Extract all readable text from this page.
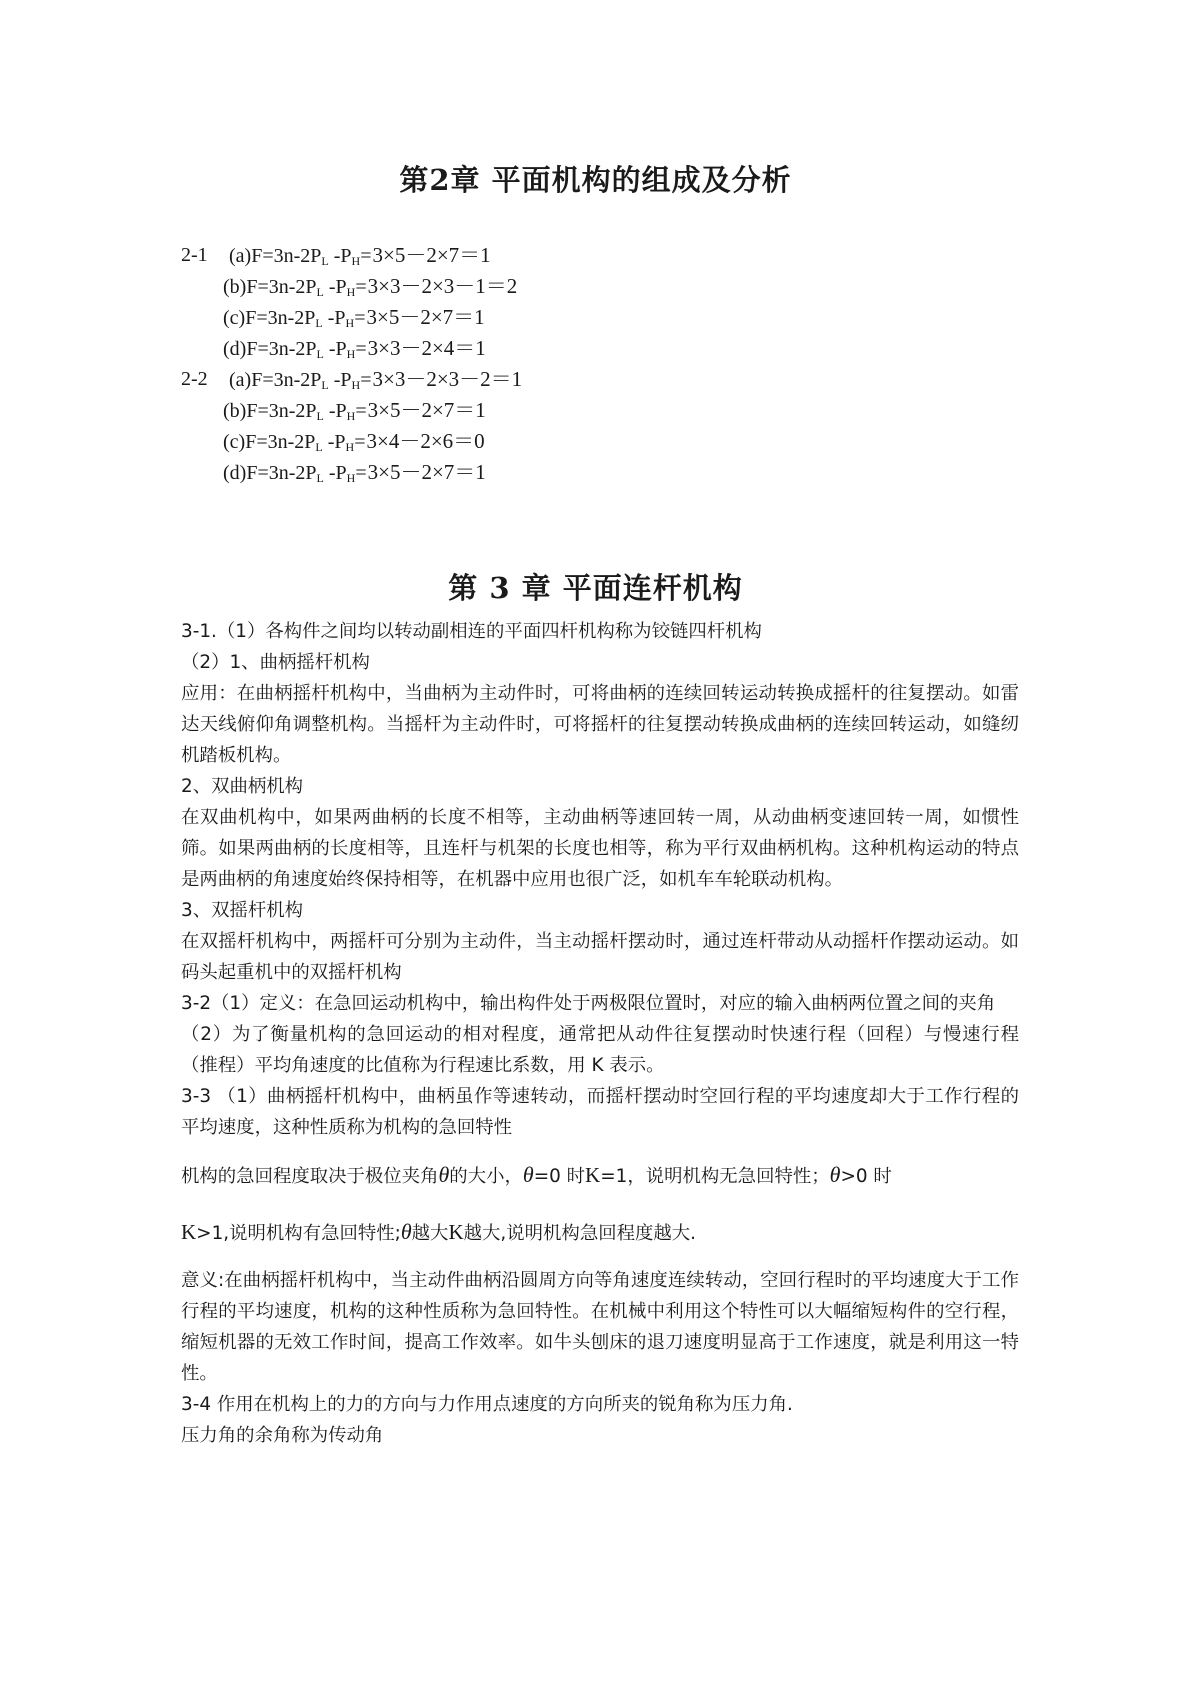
第2章 平面机构的组成及分析
2-1 $(a)F=3n-2P_L$ $-P_H=3\times 5-2\times 7=1$
$(b)F=3n-2P_L$ $-P_H=3\times 3-2\times 3-1=2$
$(c)F=3n-2P_L$ $-P_H=3\times 5-2\times 7=1$
$(d)F=3n-2P_L$ $-P_H=3\times 3-2\times 4=1$
2-2 $(a)F=3n-2P_L$ $-P_H=3\times 3-2\times 3-2=1$
$(b)F=3n-2P_L$ $-P_H=3\times 5-2\times 7=1$
$(c)F=3n-2P_L$ $-P_H=3\times 4-2\times 6=0$
$(d)F=3n-2P_L$ $-P_H=3\times 5-2\times 7=1$
第 3 章 平面连杆机构

3-1.（1）各构件之间均以转动副相连的平面四杆机构称为铰链四杆机构

（2）1、曲柄摇杆机构

应用：在曲柄摇杆机构中，当曲柄为主动件时，可将曲柄的连续回转运动转换成摇杆的往复摆动。如雷达天线俯仰角调整机构。当摇杆为主动件时，可将摇杆的往复摆动转换成曲柄的连续回转运动，如缝纫机踏板机构。

2、双曲柄机构

在双曲机构中，如果两曲柄的长度不相等，主动曲柄等速回转一周，从动曲柄变速回转一周，如惯性筛。如果两曲柄的长度相等，且连杆与机架的长度也相等，称为平行双曲柄机构。这种机构运动的特点是两曲柄的角速度始终保持相等，在机器中应用也很广泛，如机车车轮联动机构。

3、双摇杆机构

在双摇杆机构中，两摇杆可分别为主动件，当主动摇杆摆动时，通过连杆带动从动摇杆作摆动运动。如码头起重机中的双摇杆机构

3-2（1）定义：在急回运动机构中，输出构件处于两极限位置时，对应的输入曲柄两位置之间的夹角

（2）为了衡量机构的急回运动的相对程度，通常把从动件往复摆动时快速行程（回程）与慢速行程（推程）平均角速度的比值称为行程速比系数，用 K 表示。

3-3 （1）曲柄摇杆机构中，曲柄虽作等速转动，而摇杆摆动时空回行程的平均速度却大于工作行程的平均速度，这种性质称为机构的急回特性

机构的急回程度取决于极位夹角θ的大小，θ=0 时K=1，说明机构无急回特性；θ>0 时

K>1,说明机构有急回特性;θ越大K越大,说明机构急回程度越大.

意义:在曲柄摇杆机构中，当主动件曲柄沿圆周方向等角速度连续转动，空回行程时的平均速度大于工作行程的平均速度，机构的这种性质称为急回特性。在机械中利用这个特性可以大幅缩短构件的空行程，缩短机器的无效工作时间，提高工作效率。如牛头刨床的退刀速度明显高于工作速度，就是利用这一特性。

3-4 作用在机构上的力的方向与力作用点速度的方向所夹的锐角称为压力角.

压力角的余角称为传动角
